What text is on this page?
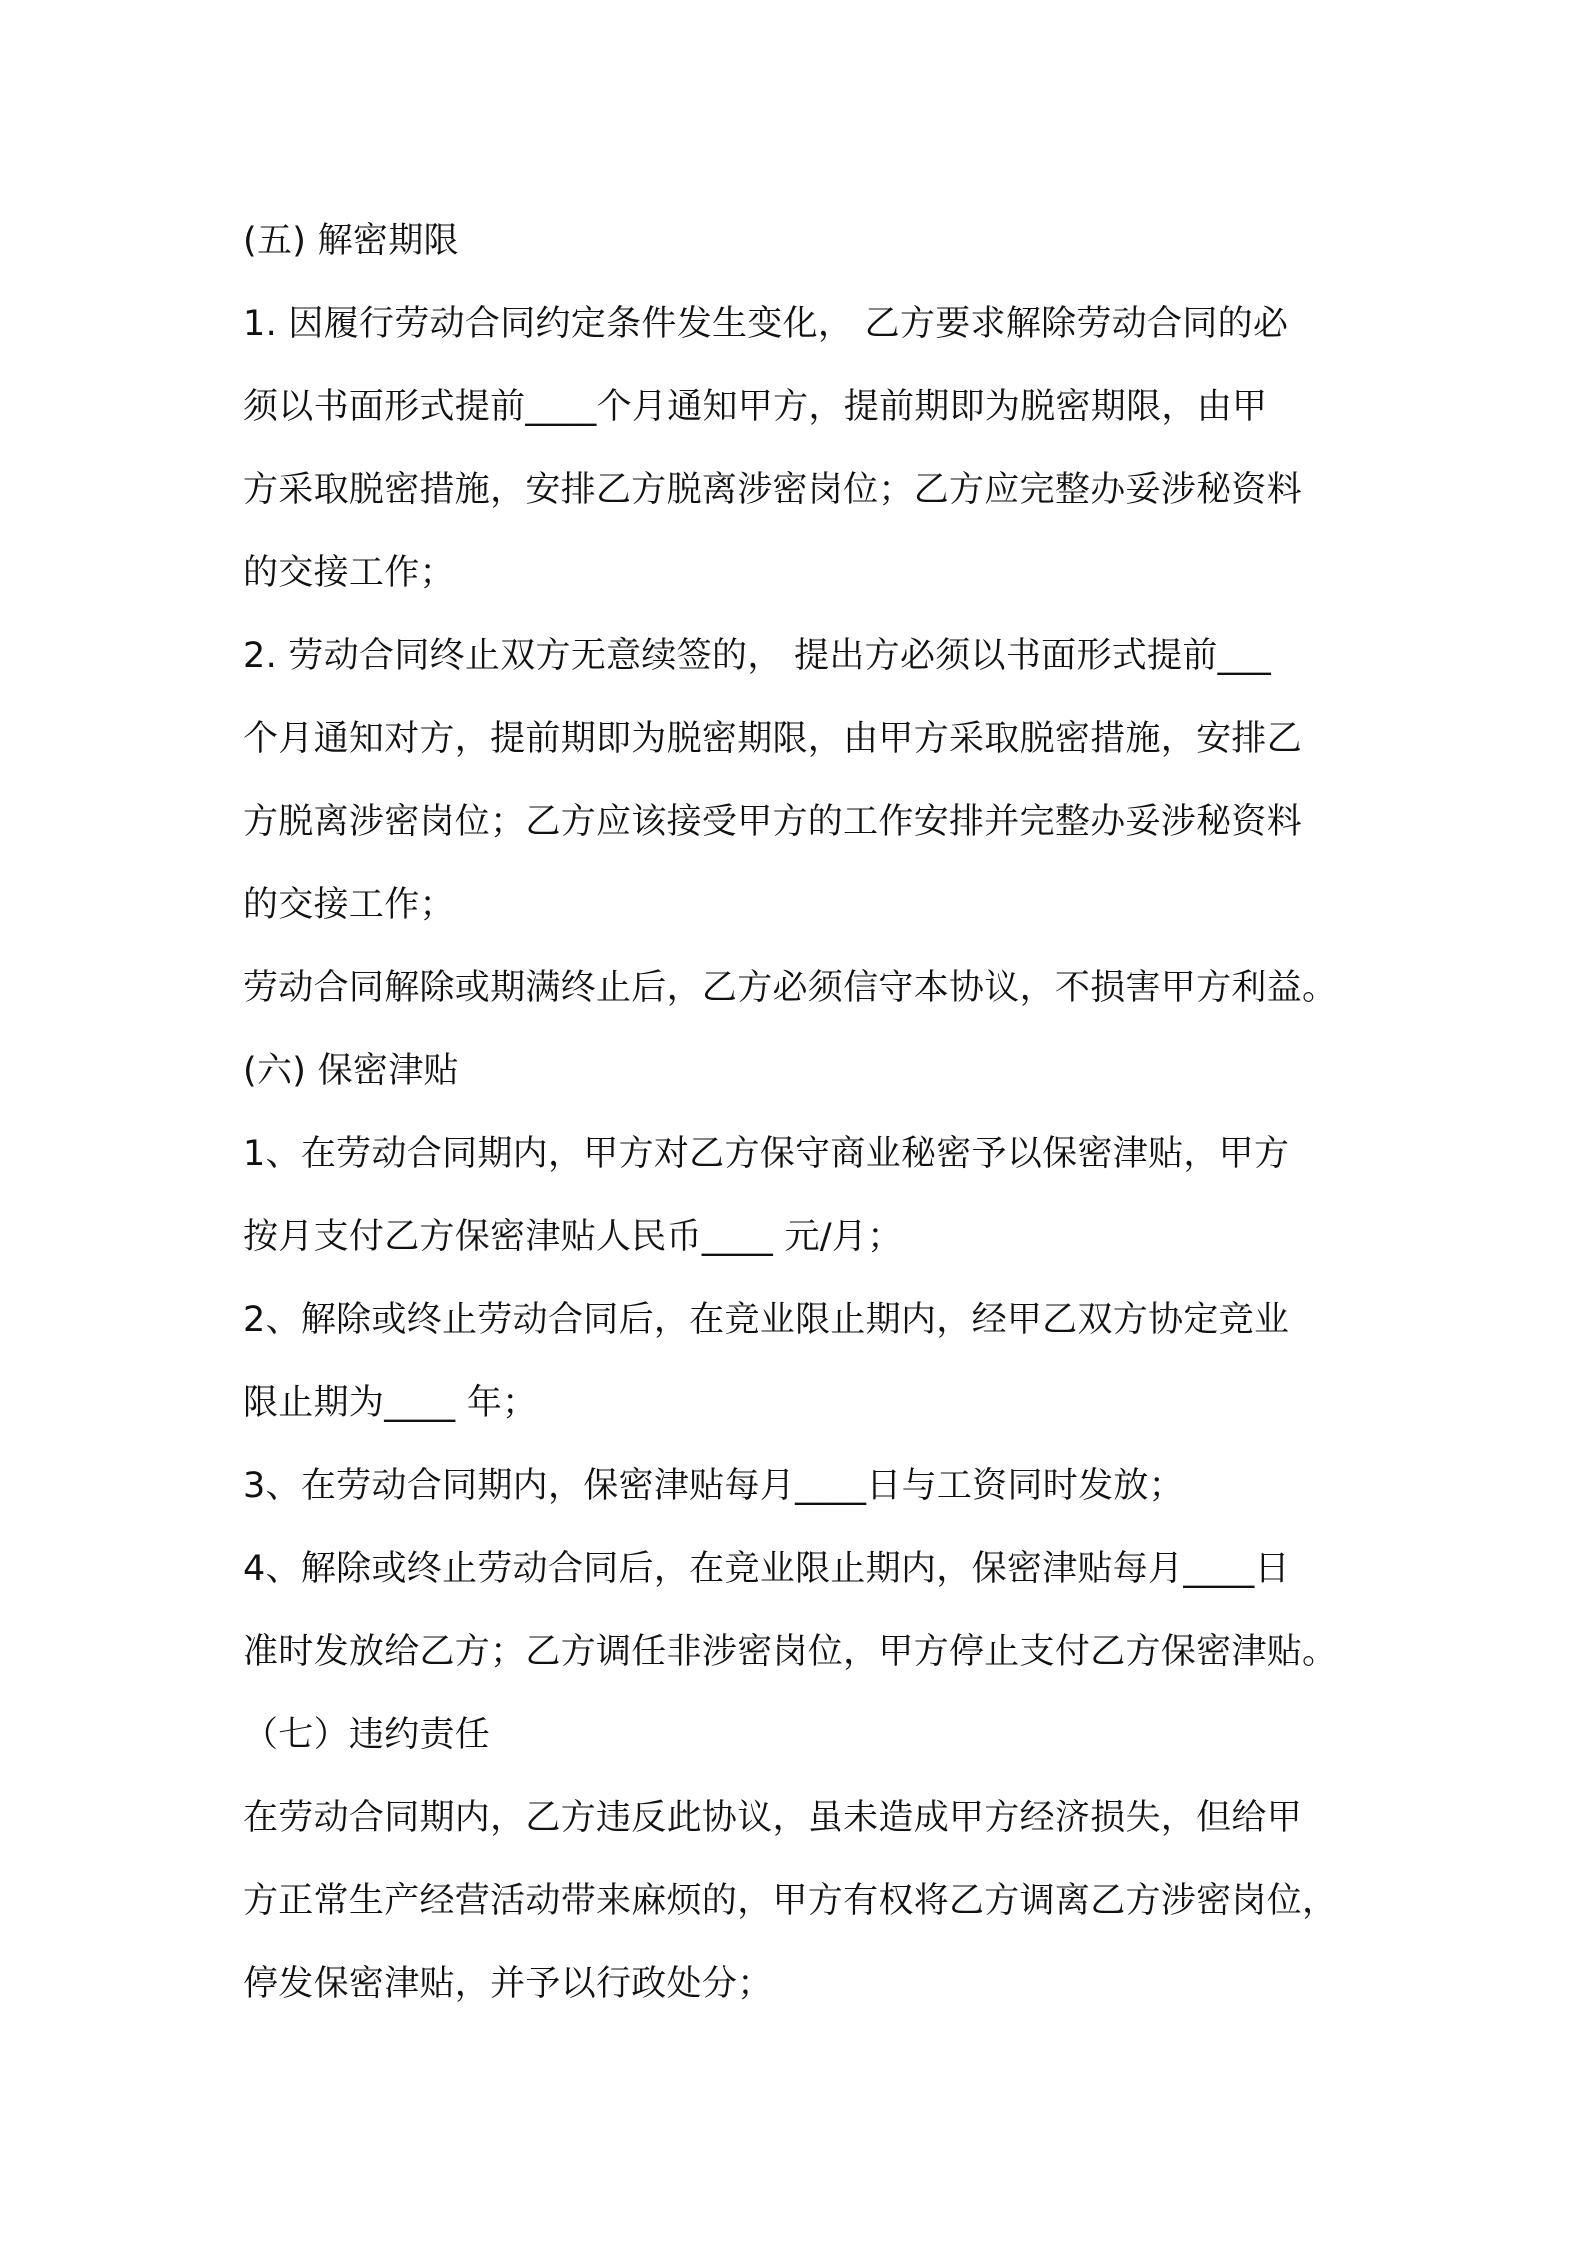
(五) 解密期限
1. 因履行劳动合同约定条件发生变化， 乙方要求解除劳动合同的必
须以书面形式提前____个月通知甲方，提前期即为脱密期限，由甲
方采取脱密措施，安排乙方脱离涉密岗位；乙方应完整办妥涉秘资料
的交接工作；
2. 劳动合同终止双方无意续签的， 提出方必须以书面形式提前___
个月通知对方，提前期即为脱密期限，由甲方采取脱密措施，安排乙
方脱离涉密岗位；乙方应该接受甲方的工作安排并完整办妥涉秘资料
的交接工作；
劳动合同解除或期满终止后，乙方必须信守本协议，不损害甲方利益。
(六) 保密津贴
1、在劳动合同期内，甲方对乙方保守商业秘密予以保密津贴，甲方
按月支付乙方保密津贴人民币____ 元/月；
2、解除或终止劳动合同后，在竞业限止期内，经甲乙双方协定竞业
限止期为____ 年；
3、在劳动合同期内，保密津贴每月____日与工资同时发放；
4、解除或终止劳动合同后，在竞业限止期内，保密津贴每月____日
准时发放给乙方；乙方调任非涉密岗位，甲方停止支付乙方保密津贴。
（七）违约责任
在劳动合同期内，乙方违反此协议，虽未造成甲方经济损失，但给甲
方正常生产经营活动带来麻烦的，甲方有权将乙方调离乙方涉密岗位，
停发保密津贴，并予以行政处分；
